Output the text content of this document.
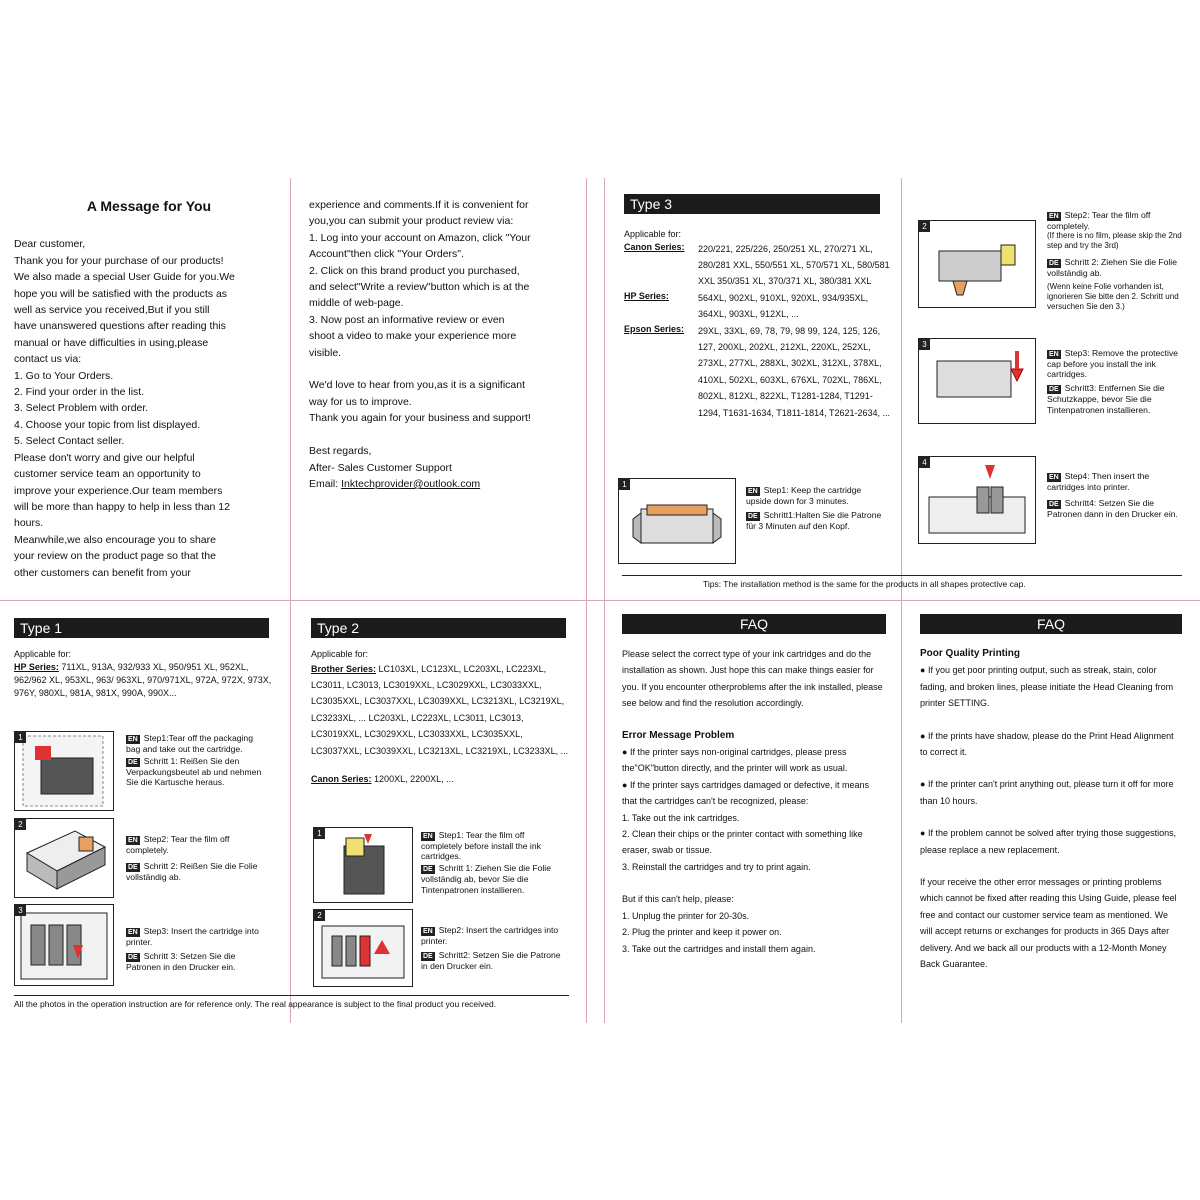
A Message for You

Dear customer,

Thank you for your purchase of our products!

We also made a special User Guide for you.We

hope you will be satisfied with the products as

well as service you received,But if you still

have unanswered questions after reading this

manual or have difficulties in using,please

contact us via:

1. Go to Your Orders.

2. Find your order in the list.

3. Select Problem with order.

4. Choose your topic from list displayed.

5. Select Contact seller.

Please don't worry and give our helpful

customer service team an opportunity to

improve your experience.Our team members

will be more than happy to help in less than 12

hours.

Meanwhile,we also encourage you to share

your review on the product page so that the

other customers can benefit from your

experience and comments.If it is convenient for

you,you can submit your product review via:

1. Log into your account on Amazon, click "Your

Account"then click "Your Orders".

2. Click on this brand product you purchased,

and select"Write a review"button which is at the

middle of web-page.

3. Now post an informative review or even

shoot a video to make your experience more

visible.

We'd love to hear from you,as it is a significant

way for us to improve.

Thank you again for your business and support!

Best regards,

After- Sales Customer Support

Email: Inktechprovider@outlook.com

Type 3

Applicable for:

Canon Series:	220/221, 225/226, 250/251 XL, 270/271 XL, 280/281 XXL, 550/551 XL, 570/571 XL, 580/581 XXL 350/351 XL, 370/371 XL, 380/381 XXL
HP Series:	564XL, 902XL, 910XL, 920XL, 934/935XL, 364XL, 903XL, 912XL, ...
Epson Series:	29XL, 33XL, 69, 78, 79, 98 99, 124, 125, 126, 127, 200XL, 202XL, 212XL, 220XL, 252XL, 273XL, 277XL, 288XL, 302XL, 312XL, 378XL, 410XL, 502XL, 603XL, 676XL, 702XL, 786XL, 802XL, 812XL, 822XL, T1281-1284, T1291-1294, T1631-1634, T1811-1814, T2621-2634, ...
1
EN Step1: Keep the cartridge upside down for 3 minutes.
DE Schritt1:Halten Sie die Patrone für 3 Minuten auf den Kopf.
2
EN Step2: Tear the film off completely.
(If there is no film, please skip the 2nd step and try the 3rd)
DE Schritt 2: Ziehen Sie die Folie vollständig ab.
(Wenn keine Folie vorhanden ist, ignorieren Sie bitte den 2. Schritt und versuchen Sie den 3.)
3
EN Step3: Remove the protective cap before you install the ink cartridges.
DE Schritt3: Entfernen Sie die Schutzkappe, bevor Sie die Tintenpatronen installieren.
4
EN Step4: Then insert the cartridges into printer.
DE Schritt4: Setzen Sie die Patronen dann in den Drucker ein.
Tips: The installation method is the same for the products in all shapes protective cap.
Type 1

Applicable for:

HP Series: 711XL, 913A, 932/933 XL, 950/951 XL, 952XL, 962/962 XL, 953XL, 963/ 963XL, 970/971XL, 972A, 972X, 973X, 976Y, 980XL, 981A, 981X, 990A, 990X...

1	EN Step1:Tear off the packaging bag and take out the cartridge.
DE Schritt 1: Reißen Sie den Verpackungsbeutel ab und nehmen Sie die Kartusche heraus.
2
EN Step2: Tear the film off completely.
DE Schritt 2: Reißen Sie die Folie vollständig ab.
3
EN Step3: Insert the cartridge into printer.
DE Schritt 3: Setzen Sie die Patronen in den Drucker ein.
Type 2

Applicable for:

Brother Series: LC103XL, LC123XL, LC203XL, LC223XL, LC3011, LC3013, LC3019XXL, LC3029XXL, LC3033XXL, LC3035XXL, LC3037XXL, LC3039XXL, LC3213XL, LC3219XL, LC3233XL, ... LC203XL, LC223XL, LC3011, LC3013, LC3019XXL, LC3029XXL, LC3033XXL, LC3035XXL, LC3037XXL, LC3039XXL, LC3213XL, LC3219XL, LC3233XL, ...

Canon Series: 1200XL, 2200XL, ...

1	EN Step1: Tear the film off completely before install the ink cartridges.
DE Schritt 1: Ziehen Sie die Folie vollständig ab, bevor Sie die Tintenpatronen installieren.
2
EN Step2: Insert the cartridges into printer.
DE Schritt2: Setzen Sie die Patrone in den Drucker ein.
All the photos in the operation instruction are for reference only. The real appearance is subject to the final product you received.
FAQ

Please select the correct type of your ink cartridges and do the installation as shown. Just hope this can make things easier for you. If you encounter otherproblems after the ink installed, please see below and find the resolution accordingly.

Error Message Problem

● If the printer says non-original cartridges, please press the"OK"button directly, and the printer will work as usual.

● If the printer says cartridges damaged or defective, it means that the cartridges can't be recognized, please:

1. Take out the ink cartridges.

2. Clean their chips or the printer contact with something like eraser, swab or tissue.

3. Reinstall the cartridges and try to print again.

But if this can't help, please:

1. Unplug the printer for 20-30s.

2. Plug the printer and keep it power on.

3. Take out the cartridges and install them again.

FAQ

Poor Quality Printing

● If you get poor printing output, such as streak, stain, color fading, and broken lines, please initiate the Head Cleaning from printer SETTING.

● If the prints have shadow, please do the Print Head Alignment to correct it.

● If the printer can't print anything out, please turn it off for more than 10 hours.

● If the problem cannot be solved after trying those suggestions, please replace a new replacement.

If your receive the other error messages or printing problems which cannot be fixed after reading this Using Guide, please feel free and contact our customer service team as mentioned. We will accept returns or exchanges for products in 365 Days after delivery. And we back all our products with a 12-Month Money Back Guarantee.
